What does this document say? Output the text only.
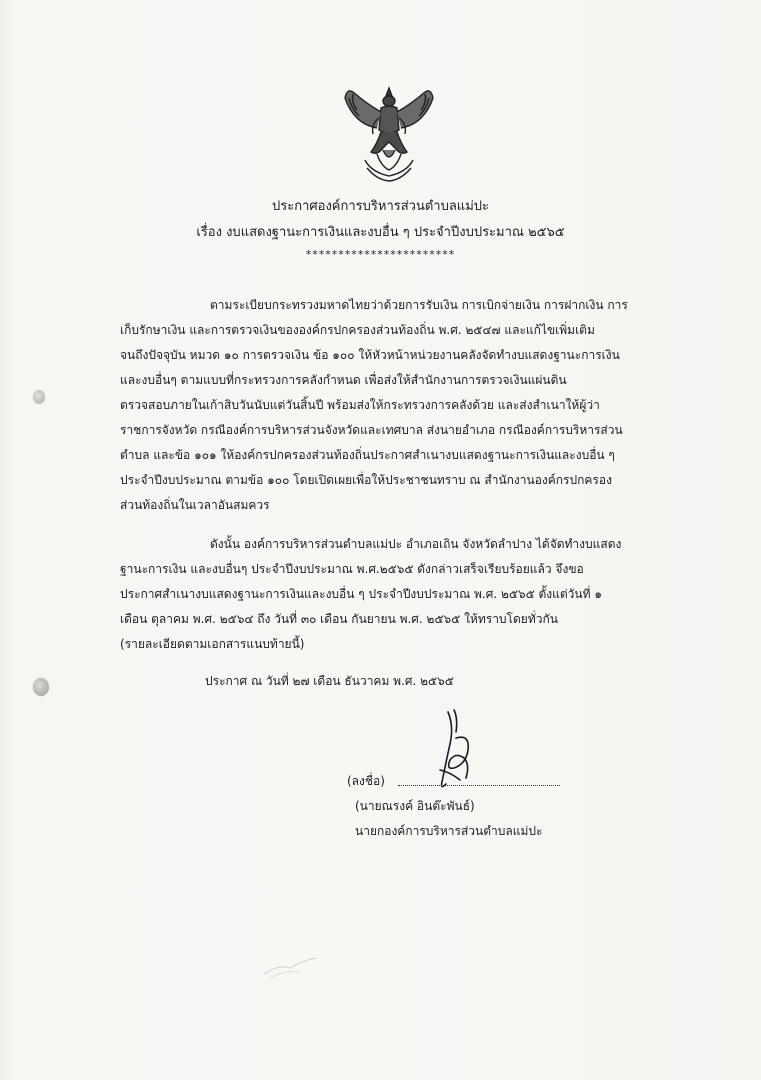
ประกาศองค์การบริหารส่วนตำบลแม่ปะ
เรื่อง งบแสดงฐานะการเงินและงบอื่น ๆ ประจำปีงบประมาณ ๒๕๖๕
***********************
ตามระเบียบกระทรวงมหาดไทยว่าด้วยการรับเงิน การเบิกจ่ายเงิน การฝากเงิน การ
เก็บรักษาเงิน และการตรวจเงินขององค์กรปกครองส่วนท้องถิ่น พ.ศ. ๒๕๔๗ และแก้ไขเพิ่มเติม
จนถึงปัจจุบัน หมวด ๑๐ การตรวจเงิน ข้อ ๑๐๐ ให้หัวหน้าหน่วยงานคลังจัดทำงบแสดงฐานะการเงิน
และงบอื่นๆ ตามแบบที่กระทรวงการคลังกำหนด เพื่อส่งให้สำนักงานการตรวจเงินแผ่นดิน
ตรวจสอบภายในเก้าสิบวันนับแต่วันสิ้นปี พร้อมส่งให้กระทรวงการคลังด้วย และส่งสำเนาให้ผู้ว่า
ราชการจังหวัด กรณีองค์การบริหารส่วนจังหวัดและเทศบาล ส่งนายอำเภอ กรณีองค์การบริหารส่วน
ตำบล และข้อ ๑๐๑ ให้องค์กรปกครองส่วนท้องถิ่นประกาศสำเนางบแสดงฐานะการเงินและงบอื่น ๆ
ประจำปีงบประมาณ ตามข้อ ๑๐๐ โดยเปิดเผยเพื่อให้ประชาชนทราบ ณ สำนักงานองค์กรปกครอง
ส่วนท้องถิ่นในเวลาอันสมควร
ดังนั้น องค์การบริหารส่วนตำบลแม่ปะ อำเภอเถิน จังหวัดลำปาง ได้จัดทำงบแสดง
ฐานะการเงิน และงบอื่นๆ ประจำปีงบประมาณ พ.ศ.๒๕๖๕ ดังกล่าวเสร็จเรียบร้อยแล้ว จึงขอ
ประกาศสำเนางบแสดงฐานะการเงินและงบอื่น ๆ ประจำปีงบประมาณ พ.ศ. ๒๕๖๕ ตั้งแต่วันที่ ๑
เดือน ตุลาคม พ.ศ. ๒๕๖๔ ถึง วันที่ ๓๐ เดือน กันยายน พ.ศ. ๒๕๖๕ ให้ทราบโดยทั่วกัน
(รายละเอียดตามเอกสารแนบท้ายนี้)
ประกาศ ณ วันที่ ๒๗ เดือน ธันวาคม พ.ศ. ๒๕๖๕
(ลงชื่อ)
(นายณรงค์ อินต๊ะพันธ์)
นายกองค์การบริหารส่วนตำบลแม่ปะ
